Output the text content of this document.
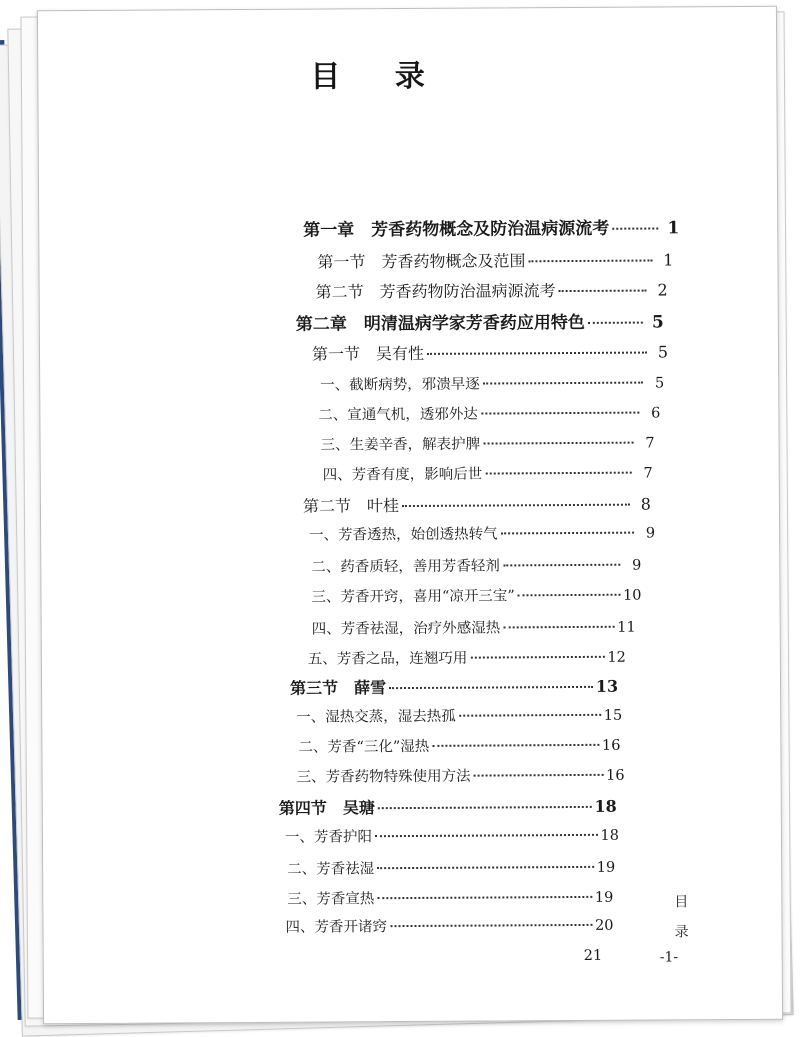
目 录
第一章　芳香药物概念及防治温病源流考	1
第一节　芳香药物概念及范围	1
第二节　芳香药物防治温病源流考	2
第二章　明清温病学家芳香药应用特色	5
第一节　吴有性	5
一、截断病势，邪溃早逐	5
二、宣通气机，透邪外达	6
三、生姜辛香，解表护脾	7
四、芳香有度，影响后世	7
第二节　叶桂	8
一、芳香透热，始创透热转气	9
二、药香质轻，善用芳香轻剂	9
三、芳香开窍，喜用“凉开三宝”	10
四、芳香祛湿，治疗外感湿热	11
五、芳香之品，连翘巧用	12
第三节　薛雪	13
一、湿热交蒸，湿去热孤	15
二、芳香“三化”湿热	16
三、芳香药物特殊使用方法	16
第四节　吴瑭	18
一、芳香护阳	18
二、芳香祛湿	19
三、芳香宣热	19
四、芳香开诸窍	20
21
目
录
-1-
